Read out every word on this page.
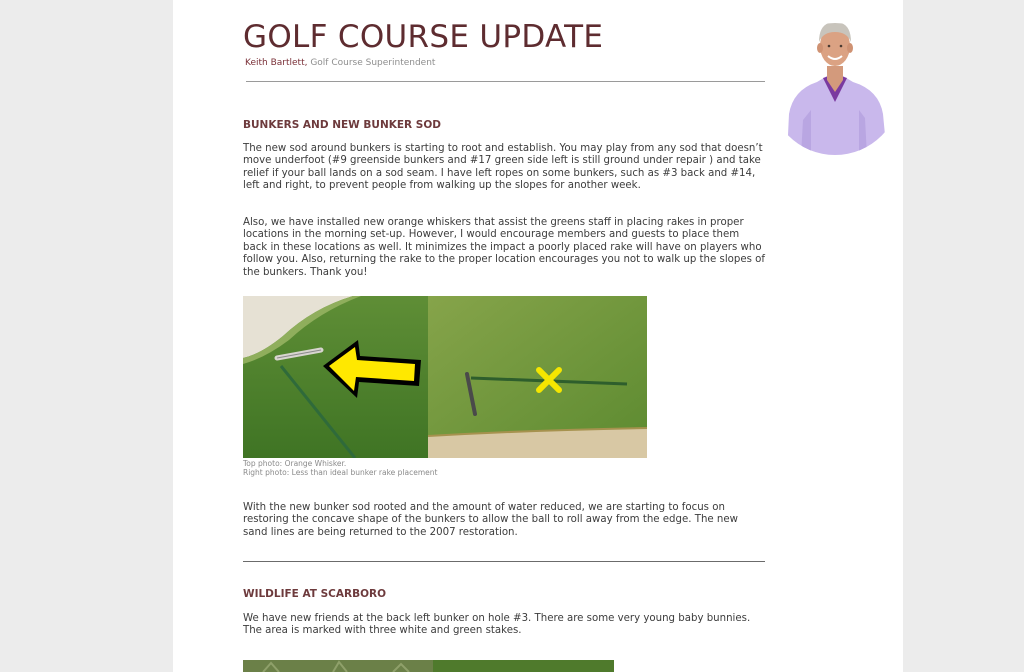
GOLF COURSE UPDATE
Keith Bartlett, Golf Course Superintendent
BUNKERS AND NEW BUNKER SOD

The new sod around bunkers is starting to root and establish. You may play from any sod that doesn’t move underfoot (#9 greenside bunkers and #17 green side left is still ground under repair ) and take relief if your ball lands on a sod seam. I have left ropes on some bunkers, such as #3 back and #14, left and right, to prevent people from walking up the slopes for another week.

Also, we have installed new orange whiskers that assist the greens staff in placing rakes in proper locations in the morning set-up. However, I would encourage members and guests to place them back in these locations as well. It minimizes the impact a poorly placed rake will have on players who follow you. Also, returning the rake to the proper location encourages you not to walk up the slopes of the bunkers. Thank you!

Top photo: Orange Whisker.
Right photo: Less than ideal bunker rake placement

With the new bunker sod rooted and the amount of water reduced, we are starting to focus on restoring the concave shape of the bunkers to allow the ball to roll away from the edge. The new sand lines are being returned to the 2007 restoration.

WILDLIFE AT SCARBORO

We have new friends at the back left bunker on hole #3. There are some very young baby bunnies. The area is marked with three white and green stakes.
